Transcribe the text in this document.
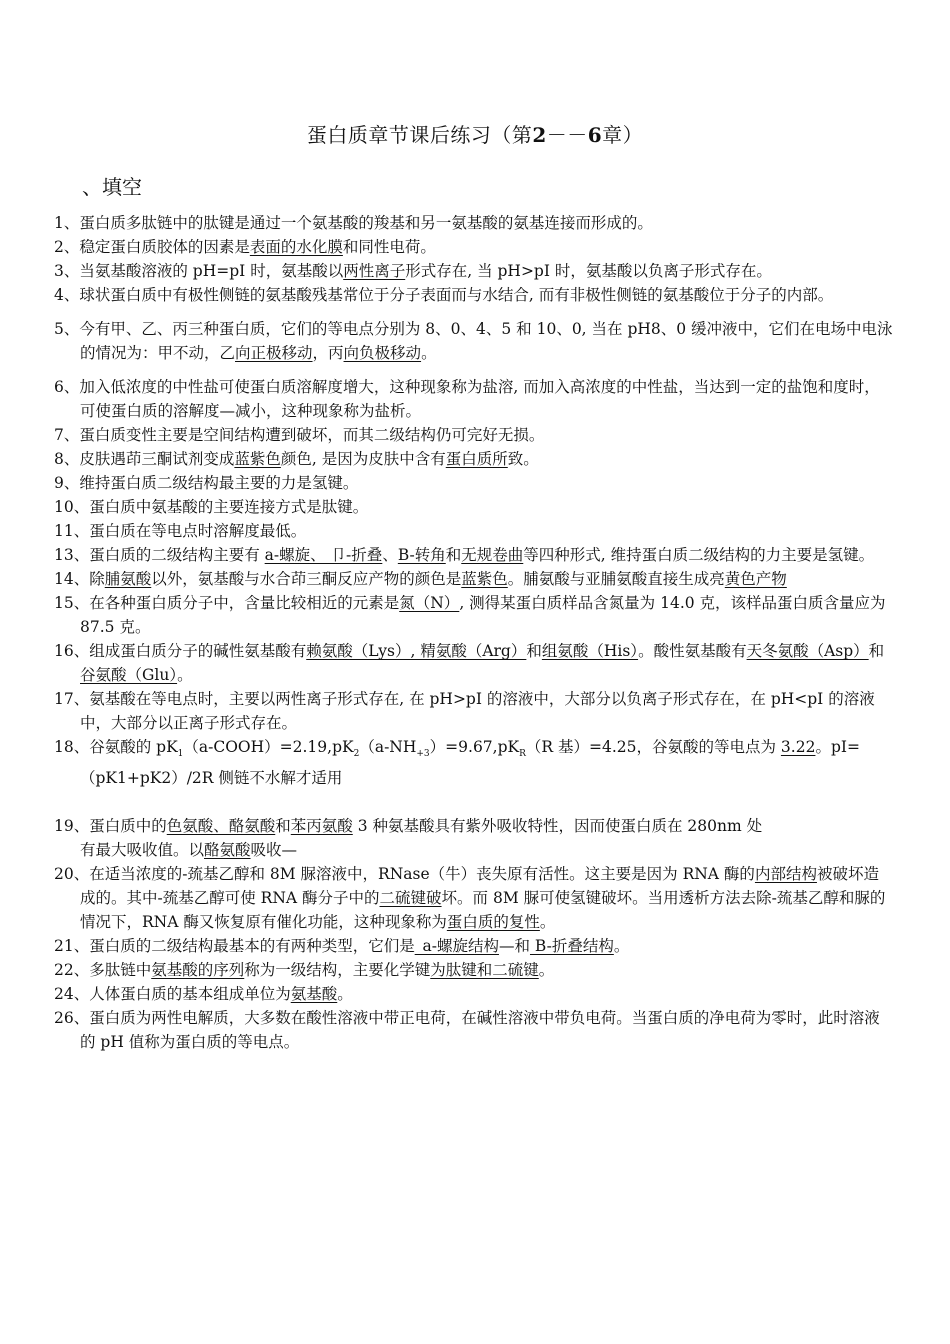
蛋白质章节课后练习（第2－－6章）
、填空

1、蛋白质多肽链中的肽键是通过一个氨基酸的羧基和另一氨基酸的氨基连接而形成的。

2、稳定蛋白质胶体的因素是表面的水化膜和同性电荷。

3、当氨基酸溶液的 pH=pI 时，氨基酸以两性离子形式存在, 当 pH>pI 时，氨基酸以负离子形式存在。

4、球状蛋白质中有极性侧链的氨基酸残基常位于分子表面而与水结合, 而有非极性侧链的氨基酸位于分子的内部。

5、今有甲、乙、丙三种蛋白质，它们的等电点分别为 8、0、4、5 和 10、0, 当在 pH8、0 缓冲液中，它们在电场中电泳的情况为：甲不动，乙向正极移动，丙向负极移动。

6、加入低浓度的中性盐可使蛋白质溶解度增大，这种现象称为盐溶, 而加入高浓度的中性盐，当达到一定的盐饱和度时，可使蛋白质的溶解度—减小，这种现象称为盐析。

7、蛋白质变性主要是空间结构遭到破坏，而其二级结构仍可完好无损。

8、皮肤遇茚三酮试剂变成蓝紫色颜色, 是因为皮肤中含有蛋白质所致。

9、维持蛋白质二级结构最主要的力是氢键。

10、蛋白质中氨基酸的主要连接方式是肽键。

11、蛋白质在等电点时溶解度最低。

13、蛋白质的二级结构主要有 a-螺旋、 卩-折叠、B-转角和无规卷曲等四种形式, 维持蛋白质二级结构的力主要是氢键。

14、除脯氨酸以外，氨基酸与水合茚三酮反应产物的颜色是蓝紫色。脯氨酸与亚脯氨酸直接生成亮黄色产物

15、在各种蛋白质分子中，含量比较相近的元素是氮（N）, 测得某蛋白质样品含氮量为 14.0 克，该样品蛋白质含量应为 87.5 克。

16、组成蛋白质分子的碱性氨基酸有赖氨酸（Lys）, 精氨酸（Arg）和组氨酸（His）。酸性氨基酸有天冬氨酸（Asp）和谷氨酸（Glu）。

17、氨基酸在等电点时，主要以两性离子形式存在, 在 pH>pI 的溶液中，大部分以负离子形式存在，在 pH<pI 的溶液中，大部分以正离子形式存在。

18、谷氨酸的 $pK_1(a-COOH)=2.19,pK_2(a-NH_{+3})=9.67,pK_R(R$ 基）=4.25，谷氨酸的等电点为 3.22。pI=（pK1+pK2）/2R 侧链不水解才适用

19、蛋白质中的色氨酸、酪氨酸和苯丙氨酸 3 种氨基酸具有紫外吸收特性，因而使蛋白质在 280nm 处

有最大吸收值。以酪氨酸吸收—

20、在适当浓度的-巯基乙醇和 8M 脲溶液中，RNase（牛）丧失原有活性。这主要是因为 RNA 酶的内部结构被破坏造成的。其中-巯基乙醇可使 RNA 酶分子中的二硫键破坏。而 8M 脲可使氢键破坏。当用透析方法去除-巯基乙醇和脲的情况下，RNA 酶又恢复原有催化功能，这种现象称为蛋白质的复性。

21、蛋白质的二级结构最基本的有两种类型，它们是_a-螺旋结构—和 B-折叠结构。

22、多肽链中氨基酸的序列称为一级结构，主要化学键为肽键和二硫键。

24、人体蛋白质的基本组成单位为氨基酸。

26、蛋白质为两性电解质，大多数在酸性溶液中带正电荷，在碱性溶液中带负电荷。当蛋白质的净电荷为零时，此时溶液的 pH 值称为蛋白质的等电点。
